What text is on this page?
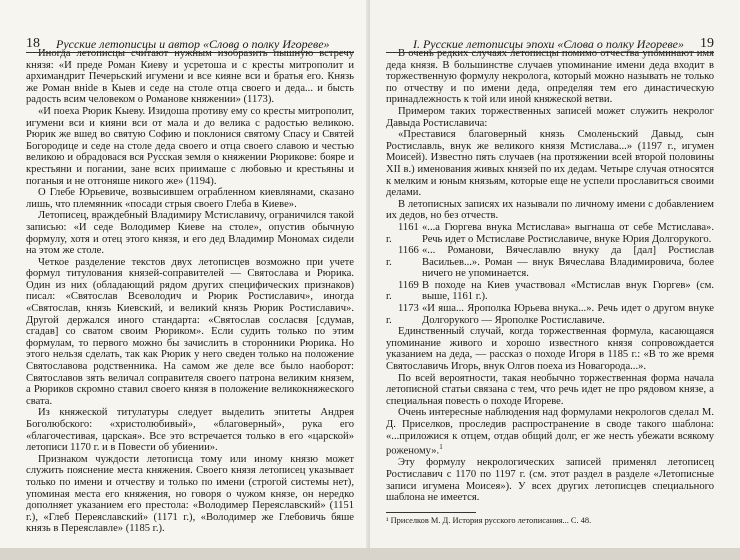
Иногда летописцы считают нужным изобразить пышную встречу князя: «И преде Роман Киеву и усретоша и с кресты митрополит и архимандрит Печерьский игумени и все кияне вси и братья его. Князь же Роман внide в Кыев и седе на столе отца своего и деда... и бысть радость всим человеком о Романове княжении» (1173).

«И поеха Рюрик Кыеву. Изидоша противу ему со кресты митрополит, игумени вси и кияни вси от мала и до велика с радостью великою. Рюрик же вшед во святую Софию и поклонися святому Спасу и Святей Богородице и седе на столе деда своего и отца своего славою и честью великою и обрадовася вся Русская земля о княжении Рюрикове: боярe и крестьяни и погании, зане всих приимаше с любовью и крестьяны и поганыя и не отгоняше никого же» (1194).

О Глебе Юрьевиче, возвысившем ограбленном киевлянами, сказано лишь, что племянник «посади стрыя своего Глеба в Киеве».

Летописец, враждебный Владимиру Мстиславичу, ограничился такой записью: «И седе Володимер Киеве на столе», опустив обычную формулу, хотя и отец этого князя, и его дед Владимир Мономах сидели на этом же столе.

Четкое разделение текстов двух летописцев возможно при учете формул титулования князей-соправителей — Святослава и Рюрика. Один из них (обладающий рядом других специфических признаков) писал: «Святослав Всеволодич и Рюрик Ростиславич», иногда «Святослав, князь Киевский, и великий князь Рюрик Ростиславич». Другой держался иного стандарта: «Святослав сосласвя [сдумав, сгадав] со сватом своим Рюриком». Если судить только по этим формулам, то первого можно бы зачислить в сторонники Рюрика. Но этого нельзя сделать, так как Рюрик у него сведен только на положение Святославова родственника. На самом же деле все было наоборот: Святославов зять величал соправителя своего патрона великим князем, а Рюриков скромно ставил своего князя в положение великокняжеского свата.

Из княжеской титулатуры следует выделить эпитеты Андрея Боголюбского: «христолюбивый», «благоверный», рука его «благочестивая, царская». Все это встречается только в его «царской» летописи 1170 г. и в Повести об убиении».

Признаком чуждости летописца тому или иному князю может служить пояснение места княжения. Своего князя летописец указывает только по имени и отчеству и только по имени (строгой системы нет), упоминая места его княжения, но говоря о чужом князе, он нередко дополняет указанием его престола: «Володимер Переяславский» (1151 г.), «Глеб Переяславский» (1171 г.), «Володимер же Глебовичь бяше князь в Переяславле» (1185 г.).

В очень редких случаях летописцы помимо отчества упоминают имя деда князя. В большинстве случаев упоминание имени деда входит в торжественную формулу некролога, который можно называть не только по отчеству и по имени деда, определяя тем его династическую принадлежность к той или иной княжеской ветви.

Примером таких торжественных записей может служить некролог Давыда Ростиславича:

«Преставися благоверный князь Смоленьский Давыд, сын Ростиславль, внук же великого князя Мстислава...» (1197 г., игумен Моисей). Известно пять случаев (на протяжении всей второй половины XII в.) именования живых князей по их дедам. Четыре случая относятся к мелким и юным князьям, которые еще не успели прославиться своими делами.

В летописных записях их называли по личному имени с добавлением их дедов, но без отчеств.

1161 г.
«...а Гюргева внука Мстислава» выгнаша от себе Мстислава». Речь идет о Мстиславе Ростиславиче, внуке Юрия Долгорукого.
1166 г.
«... Романови, Вячеславлю внуку да [дал] Ростислав Васильев...». Роман — внук Вячеслава Владимировича, более ничего не упоминается.
1169 г.
В походе на Киев участвовал «Мстислав внук Гюргев» (см. выше, 1161 г.).
1173 г.
«И яша... Ярополка Юрьева внука...». Речь идет о другом внуке Долгорукого — Ярополке Ростиславиче.

Единственный случай, когда торжественная формула, касающаяся упоминание живого и хорошо известного князя сопровождается указанием на деда, — рассказ о походе Игоря в 1185 г.: «В то же время Святославичь Игорь, внук Олгов поеха из Новагорода...».

По всей вероятности, такая необычно торжественная форма начала летописной статьи связана с тем, что речь идет не про рядовом князе, а специальная повесть о походе Игореве.

Очень интересные наблюдения над формулами некрологов сделал М. Д. Приселков, проследив распространение в своде такого шаблона: «...приложися к отцем, отдав общий долг, ег же несть убежати всякому роженому».$^1$

Эту формулу некрологических записей применял летописец Ростиславич с 1170 по 1197 г. (см. этот раздел в разделе «Летописные записи игумена Моисея»). У всех других летописцев специального шаблона не имеется.

¹ Приселков М. Д. История русского летописания... С. 48.
18 Русские летописцы и автор «Слова о полку Игореве»	I. Русские летописцы эпохи «Слова о полку Игореве» 19
